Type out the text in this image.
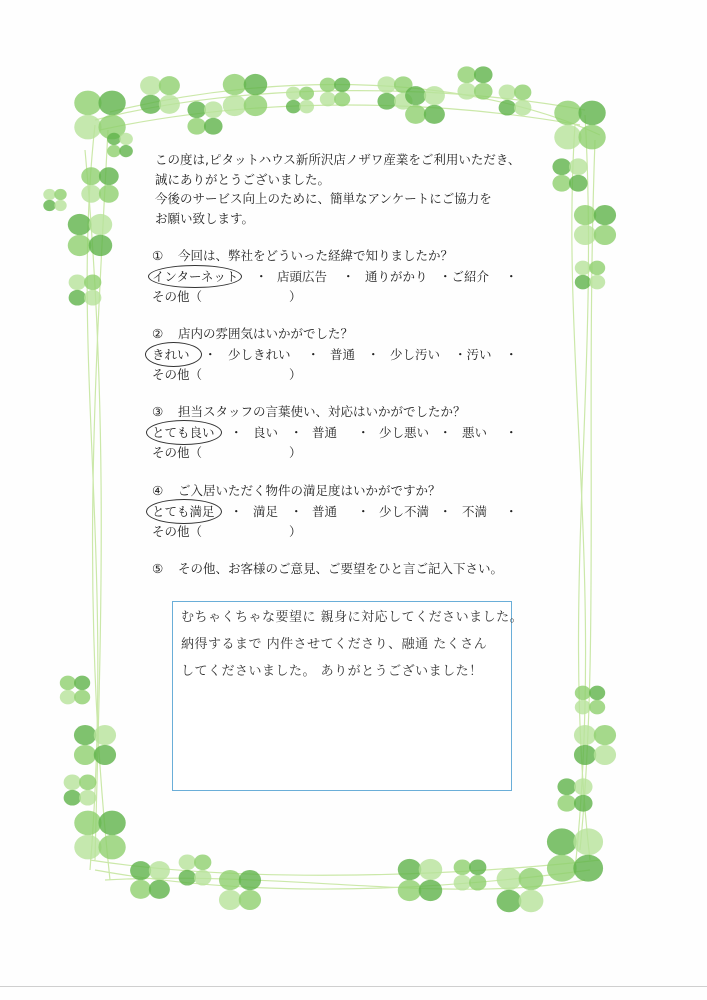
この度は,ピタットハウス新所沢店ノザワ産業をご利用いただき、
誠にありがとうございました。
今後のサービス向上のために、簡単なアンケートにご協力を
お願い致します。
① 今回は、弊社をどういった経緯で知りましたか？
インターネット ・ 店頭広告 ・ 通りがかり ・ご紹介 ・
その他（	）
② 店内の雰囲気はいかがでした？
きれい ・ 少しきれい ・ 普通 ・ 少し汚い ・汚い ・
その他（	）
③ 担当スタッフの言葉使い、対応はいかがでしたか？
とても良い ・ 良い ・ 普通 ・ 少し悪い ・ 悪い ・
その他（	）
④ ご入居いただく物件の満足度はいかがですか？
とても満足 ・ 満足 ・ 普通 ・ 少し不満 ・ 不満 ・
その他（	）
⑤ その他、お客様のご意見、ご要望をひと言ご記入下さい。
むちゃくちゃな要望に 親身に対応してくださいました。
納得するまで 内件させてくださり、融通 たくさん
してくださいました。 ありがとうございました！
